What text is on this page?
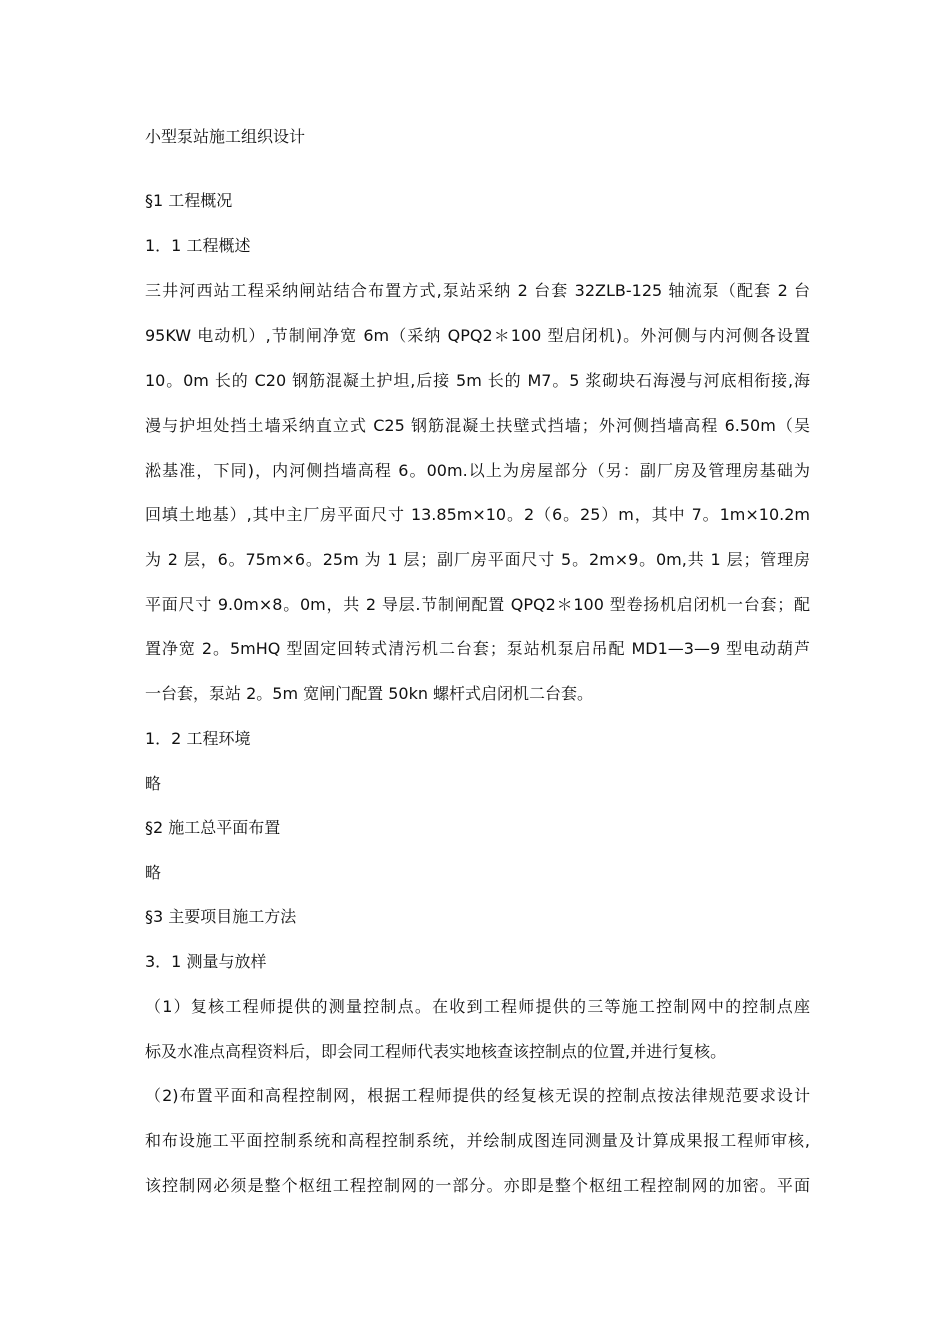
小型泵站施工组织设计
§1 工程概况
1．1 工程概述
三井河西站工程采纳闸站结合布置方式,泵站采纳 2 台套 32ZLB-125 轴流泵（配套 2 台
95KW 电动机）,节制闸净宽 6m（采纳 QPQ2＊100 型启闭机)。外河侧与内河侧各设置
10。0m 长的 C20 钢筋混凝土护坦,后接 5m 长的 M7。5 浆砌块石海漫与河底相衔接,海
漫与护坦处挡土墙采纳直立式 C25 钢筋混凝土扶壁式挡墙；外河侧挡墙高程 6.50m（吴
淞基准，下同)，内河侧挡墙高程 6。00m.以上为房屋部分（另：副厂房及管理房基础为
回填土地基）,其中主厂房平面尺寸 13.85m×10。2（6。25）m，其中 7。1m×10.2m
为 2 层，6。75m×6。25m 为 1 层；副厂房平面尺寸 5。2m×9。0m,共 1 层；管理房
平面尺寸 9.0m×8。0m，共 2 导层.节制闸配置 QPQ2＊100 型卷扬机启闭机一台套；配
置净宽 2。5mHQ 型固定回转式清污机二台套；泵站机泵启吊配 MD1—3—9 型电动葫芦
一台套，泵站 2。5m 宽闸门配置 50kn 螺杆式启闭机二台套。
1．2 工程环境
略
§2 施工总平面布置
略
§3 主要项目施工方法
3．1 测量与放样
（1）复核工程师提供的测量控制点。在收到工程师提供的三等施工控制网中的控制点座
标及水准点高程资料后，即会同工程师代表实地核查该控制点的位置,并进行复核。
（2)布置平面和高程控制网，根据工程师提供的经复核无误的控制点按法律规范要求设计
和布设施工平面控制系统和高程控制系统，并绘制成图连同测量及计算成果报工程师审核,
该控制网必须是整个枢纽工程控制网的一部分。亦即是整个枢纽工程控制网的加密。平面
